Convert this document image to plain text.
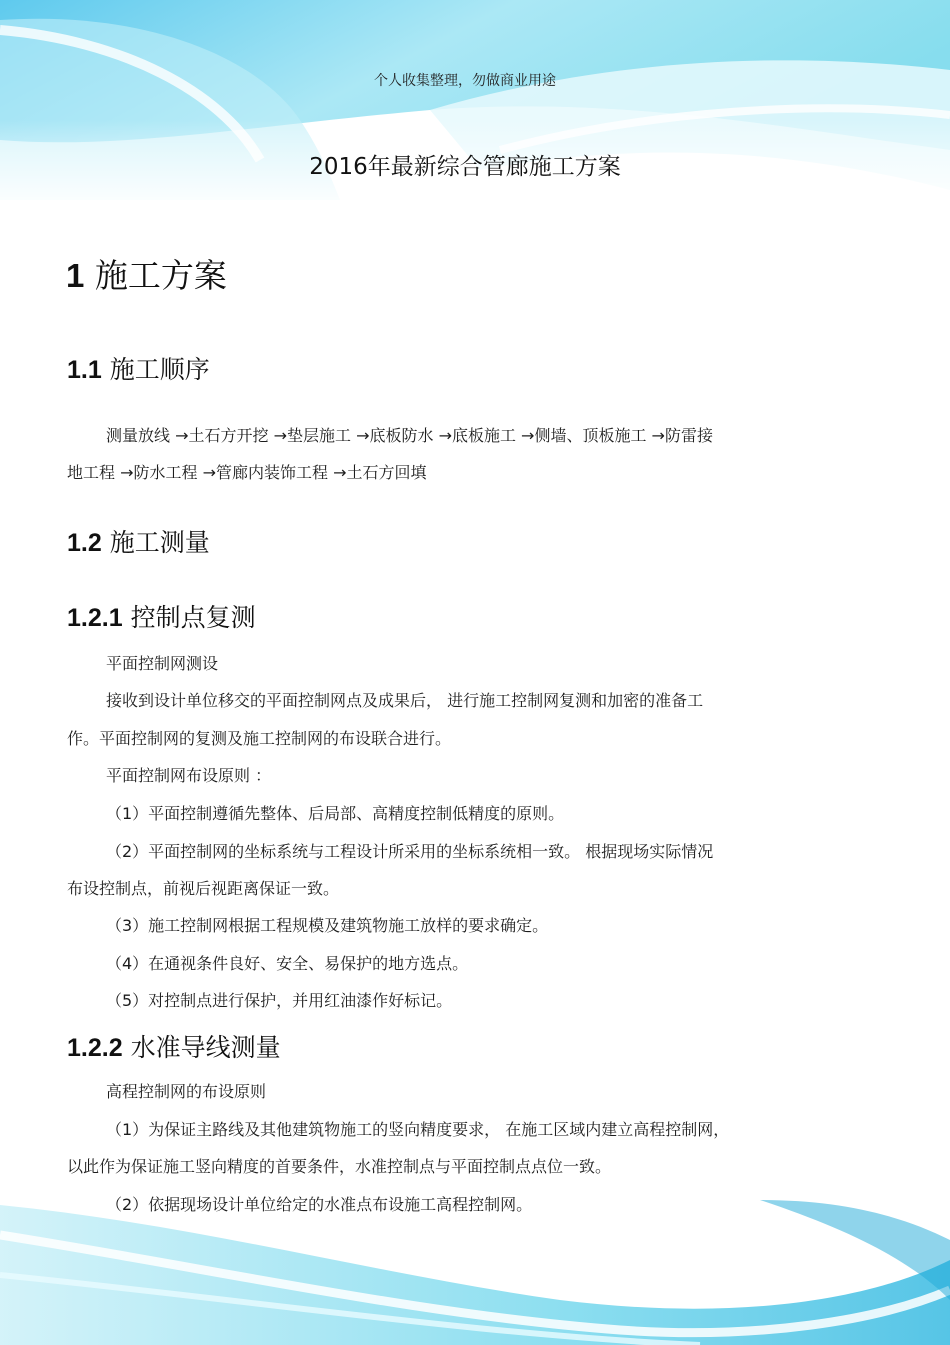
个人收集整理，勿做商业用途
2016年最新综合管廊施工方案
1 施工方案
1.1 施工顺序
测量放线 →土石方开挖 →垫层施工 →底板防水 →底板施工 →侧墙、顶板施工 →防雷接
地工程 →防水工程 →管廊内装饰工程 →土石方回填
1.2 施工测量
1.2.1 控制点复测
平面控制网测设
接收到设计单位移交的平面控制网点及成果后， 进行施工控制网复测和加密的准备工
作。平面控制网的复测及施工控制网的布设联合进行。
平面控制网布设原则 ：
（1）平面控制遵循先整体、后局部、高精度控制低精度的原则。
（2）平面控制网的坐标系统与工程设计所采用的坐标系统相一致。 根据现场实际情况
布设控制点，前视后视距离保证一致。
（3）施工控制网根据工程规模及建筑物施工放样的要求确定。
（4）在通视条件良好、安全、易保护的地方选点。
（5）对控制点进行保护，并用红油漆作好标记。
1.2.2 水准导线测量
高程控制网的布设原则
（1）为保证主路线及其他建筑物施工的竖向精度要求， 在施工区域内建立高程控制网，
以此作为保证施工竖向精度的首要条件，水准控制点与平面控制点点位一致。
（2）依据现场设计单位给定的水准点布设施工高程控制网。
